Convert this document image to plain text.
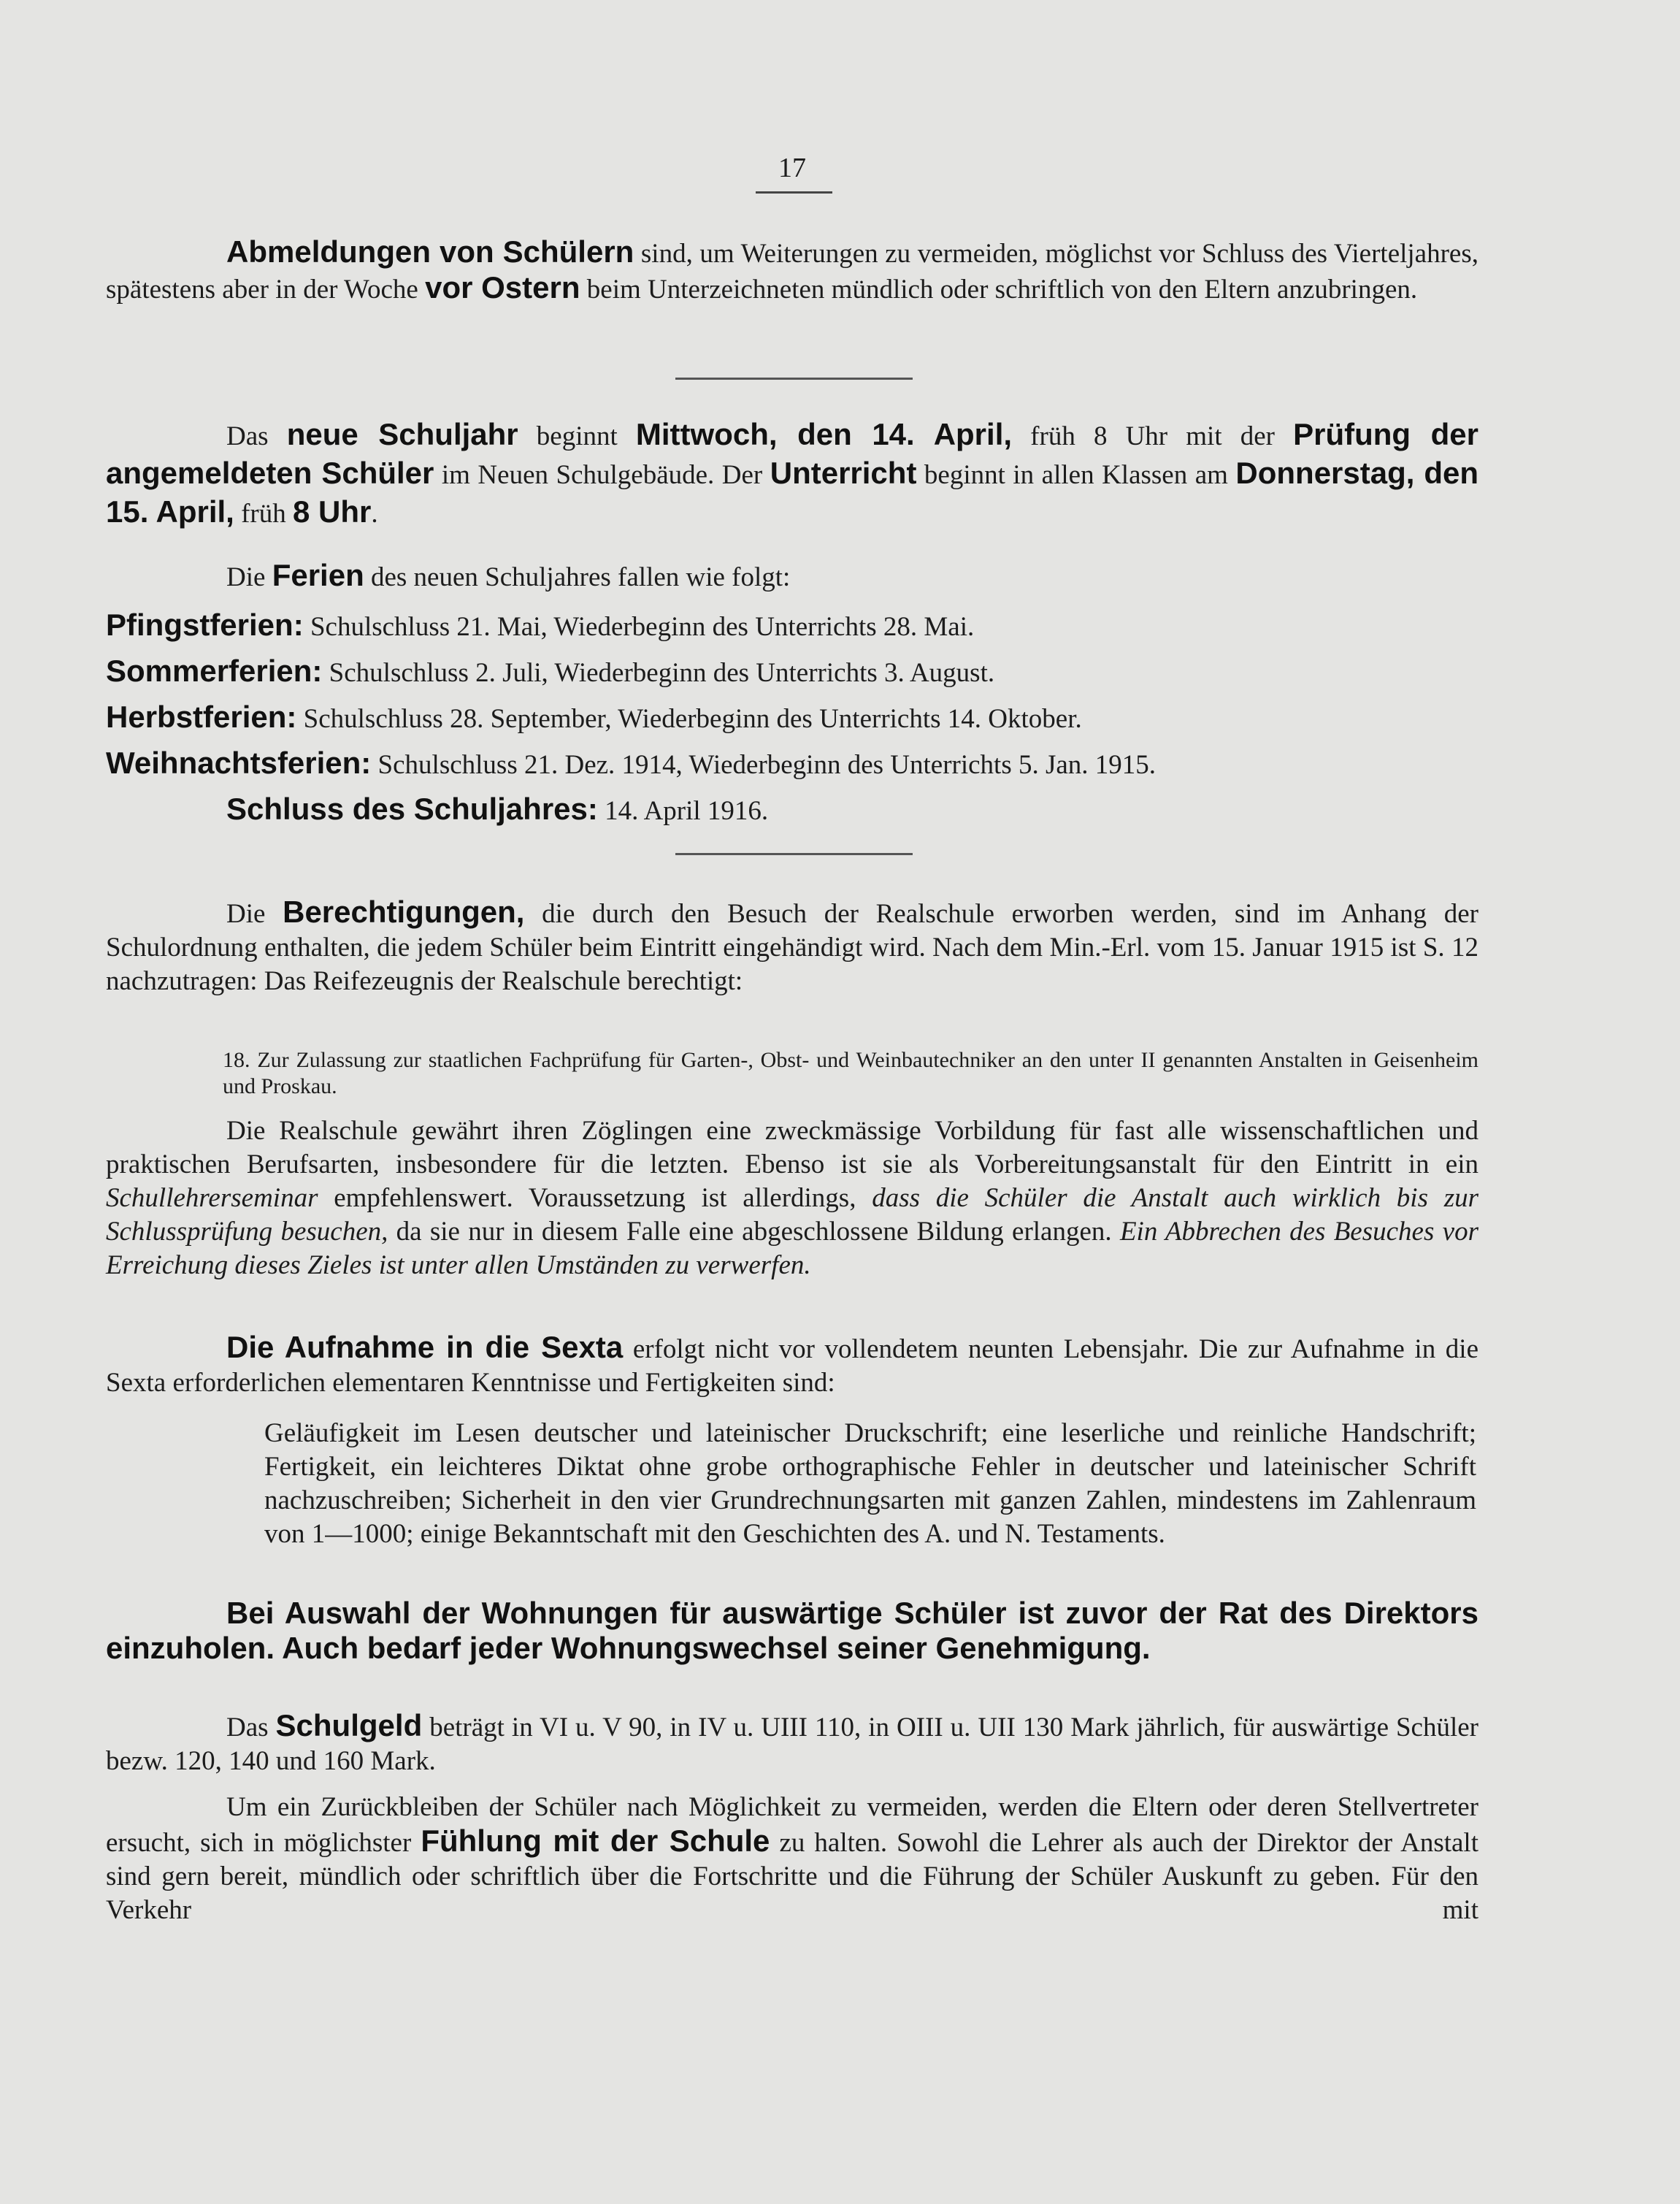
17

Abmeldungen von Schülern sind, um Weiterungen zu vermeiden, möglichst vor Schluss des Vierteljahres, spätestens aber in der Woche vor Ostern beim Unterzeichneten mündlich oder schriftlich von den Eltern anzubringen.

Das neue Schuljahr beginnt Mittwoch, den 14. April, früh 8 Uhr mit der Prüfung der angemeldeten Schüler im Neuen Schulgebäude. Der Unterricht beginnt in allen Klassen am Donnerstag, den 15. April, früh 8 Uhr.

Die Ferien des neuen Schuljahres fallen wie folgt:

Pfingstferien: Schulschluss 21. Mai, Wiederbeginn des Unterrichts 28. Mai.
Sommerferien: Schulschluss 2. Juli, Wiederbeginn des Unterrichts 3. August.
Herbstferien: Schulschluss 28. September, Wiederbeginn des Unterrichts 14. Oktober.
Weihnachtsferien: Schulschluss 21. Dez. 1914, Wiederbeginn des Unterrichts 5. Jan. 1915.
Schluss des Schuljahres: 14. April 1916.

Die Berechtigungen, die durch den Besuch der Realschule erworben werden, sind im Anhang der Schulordnung enthalten, die jedem Schüler beim Eintritt eingehändigt wird. Nach dem Min.-Erl. vom 15. Januar 1915 ist S. 12 nachzutragen: Das Reifezeugnis der Realschule berechtigt:

18. Zur Zulassung zur staatlichen Fachprüfung für Garten-, Obst- und Weinbautechniker an den unter II genannten Anstalten in Geisenheim und Proskau.

Die Realschule gewährt ihren Zöglingen eine zweckmässige Vorbildung für fast alle wissenschaftlichen und praktischen Berufsarten, insbesondere für die letzten. Ebenso ist sie als Vorbereitungsanstalt für den Eintritt in ein Schullehrerseminar empfehlenswert. Voraussetzung ist allerdings, dass die Schüler die Anstalt auch wirklich bis zur Schlussprüfung besuchen, da sie nur in diesem Falle eine abgeschlossene Bildung erlangen. Ein Abbrechen des Besuches vor Erreichung dieses Zieles ist unter allen Umständen zu verwerfen.

Die Aufnahme in die Sexta erfolgt nicht vor vollendetem neunten Lebensjahr. Die zur Aufnahme in die Sexta erforderlichen elementaren Kenntnisse und Fertigkeiten sind:

Geläufigkeit im Lesen deutscher und lateinischer Druckschrift; eine leserliche und reinliche Handschrift; Fertigkeit, ein leichteres Diktat ohne grobe orthographische Fehler in deutscher und lateinischer Schrift nachzuschreiben; Sicherheit in den vier Grundrechnungsarten mit ganzen Zahlen, mindestens im Zahlenraum von 1—1000; einige Bekanntschaft mit den Geschichten des A. und N. Testaments.

Bei Auswahl der Wohnungen für auswärtige Schüler ist zuvor der Rat des Direktors einzuholen. Auch bedarf jeder Wohnungswechsel seiner Genehmigung.

Das Schulgeld beträgt in VI u. V 90, in IV u. UIII 110, in OIII u. UII 130 Mark jährlich, für auswärtige Schüler bezw. 120, 140 und 160 Mark.

Um ein Zurückbleiben der Schüler nach Möglichkeit zu vermeiden, werden die Eltern oder deren Stellvertreter ersucht, sich in möglichster Fühlung mit der Schule zu halten. Sowohl die Lehrer als auch der Direktor der Anstalt sind gern bereit, mündlich oder schriftlich über die Fortschritte und die Führung der Schüler Auskunft zu geben. Für den Verkehr mit
